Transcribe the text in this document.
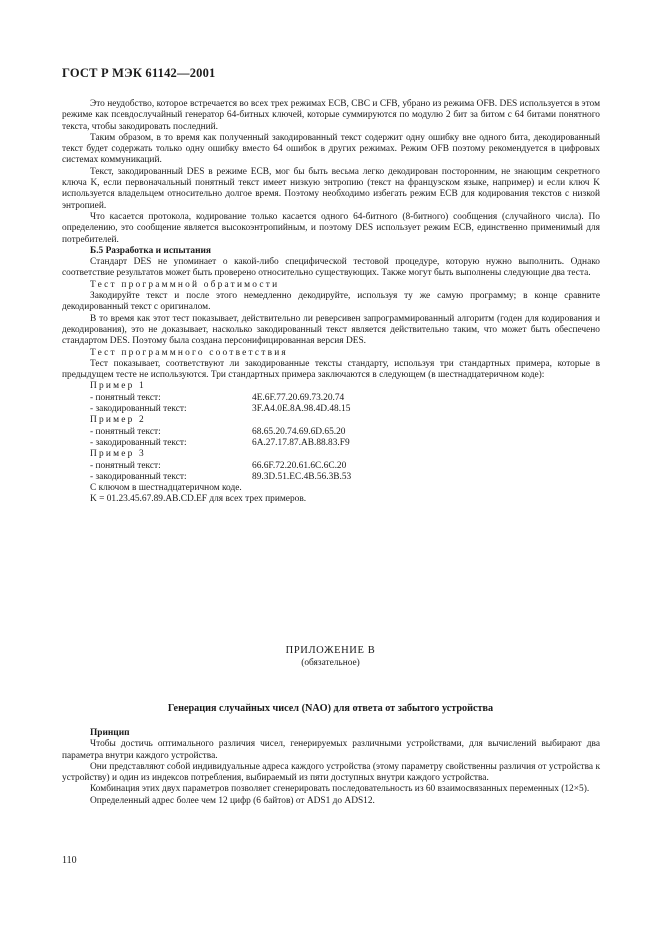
ГОСТ Р МЭК 61142—2001

Это неудобство, которое встречается во всех трех режимах ECB, CBC и CFB, убрано из режима OFB. DES используется в этом режиме как псевдослучайный генератор 64-битных ключей, которые суммируются по модулю 2 бит за битом с 64 битами понятного текста, чтобы закодировать последний.

Таким образом, в то время как полученный закодированный текст содержит одну ошибку вне одного бита, декодированный текст будет содержать только одну ошибку вместо 64 ошибок в других режимах. Режим OFB поэтому рекомендуется в цифровых системах коммуникаций.

Текст, закодированный DES в режиме ECB, мог бы быть весьма легко декодирован посторонним, не знающим секретного ключа K, если первоначальный понятный текст имеет низкую энтропию (текст на французском языке, например) и если ключ K используется владельцем относительно долгое время. Поэтому необходимо избегать режим ECB для кодирования текстов с низкой энтропией.

Что касается протокола, кодирование только касается одного 64-битного (8-битного) сообщения (случайного числа). По определению, это сообщение является высокоэнтропийным, и поэтому DES использует режим ECB, единственно применимый для потребителей.

Б.5 Разработка и испытания

Стандарт DES не упоминает о какой-либо специфической тестовой процедуре, которую нужно выполнить. Однако соответствие результатов может быть проверено относительно существующих. Также могут быть выполнены следующие два теста.

Тест программной обратимости

Закодируйте текст и после этого немедленно декодируйте, используя ту же самую программу; в конце сравните декодированный текст с оригиналом.

В то время как этот тест показывает, действительно ли реверсивен запрограммированный алгоритм (годен для кодирования и декодирования), это не доказывает, насколько закодированный текст является действительно таким, что может быть обеспечено стандартом DES. Поэтому была создана персонифицированная версия DES.

Тест программного соответствия

Тест показывает, соответствуют ли закодированные тексты стандарту, используя три стандартных примера, которые в предыдущем тесте не используются. Три стандартных примера заключаются в следующем (в шестнадцатеричном коде):

Пример 1
- понятный текст:	4E.6F.77.20.69.73.20.74
- закодированный текст:	3F.A4.0E.8A.98.4D.48.15
Пример 2
- понятный текст:	68.65.20.74.69.6D.65.20
- закодированный текст:	6A.27.17.87.AB.88.83.F9
Пример 3
- понятный текст:	66.6F.72.20.61.6C.6C.20
- закодированный текст:	89.3D.51.EC.4B.56.3B.53
С ключом в шестнадцатеричном коде.
K = 01.23.45.67.89.AB.CD.EF для всех трех примеров.
ПРИЛОЖЕНИЕ В
(обязательное)
Генерация случайных чисел (NAO) для ответа от забытого устройства
Принцип

Чтобы достичь оптимального различия чисел, генерируемых различными устройствами, для вычислений выбирают два параметра внутри каждого устройства.

Они представляют собой индивидуальные адреса каждого устройства (этому параметру свойственны различия от устройства к устройству) и один из индексов потребления, выбираемый из пяти доступных внутри каждого устройства.

Комбинация этих двух параметров позволяет сгенерировать последовательность из 60 взаимосвязанных переменных (12×5).

Определенный адрес более чем 12 цифр (6 байтов) от ADS1 до ADS12.

110
